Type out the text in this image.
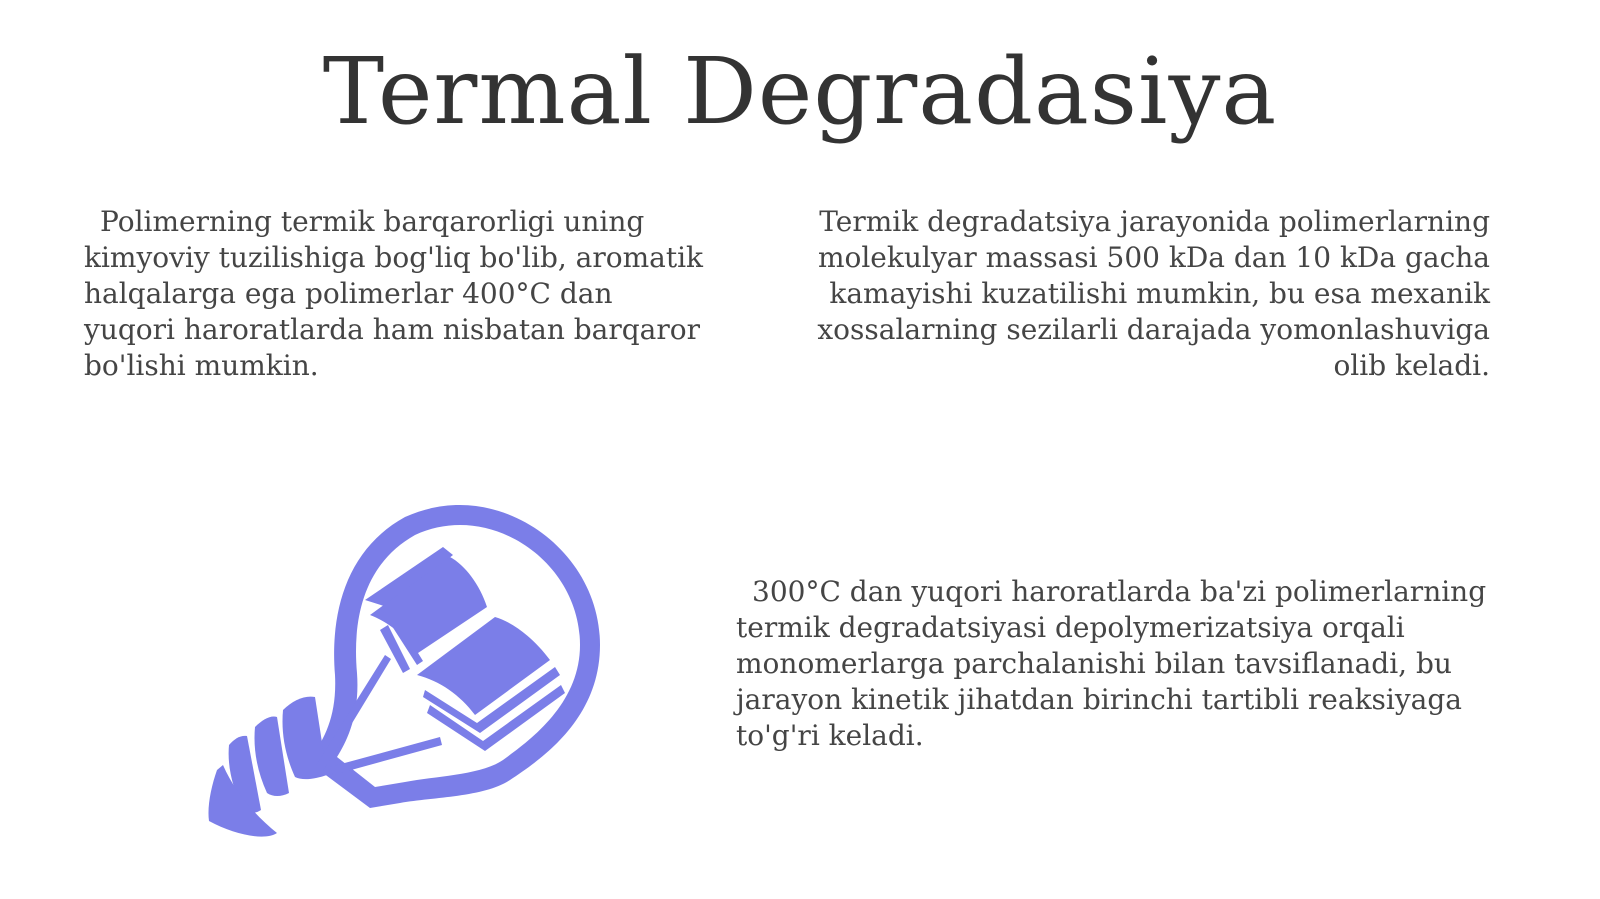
Termal Degradasiya

Polimerning termik barqarorligi uning kimyoviy tuzilishiga bog'liq bo'lib, aromatik halqalarga ega polimerlar 400°C dan yuqori haroratlarda ham nisbatan barqaror bo'lishi mumkin.

Termik degradatsiya jarayonida polimerlarning molekulyar massasi 500 kDa dan 10 kDa gacha kamayishi kuzatilishi mumkin, bu esa mexanik xossalarning sezilarli darajada yomonlashuviga olib keladi.

300°C dan yuqori haroratlarda ba'zi polimerlarning termik degradatsiyasi depolymerizatsiya orqali monomerlarga parchalanishi bilan tavsiflanadi, bu jarayon kinetik jihatdan birinchi tartibli reaksiyaga to'g'ri keladi.
